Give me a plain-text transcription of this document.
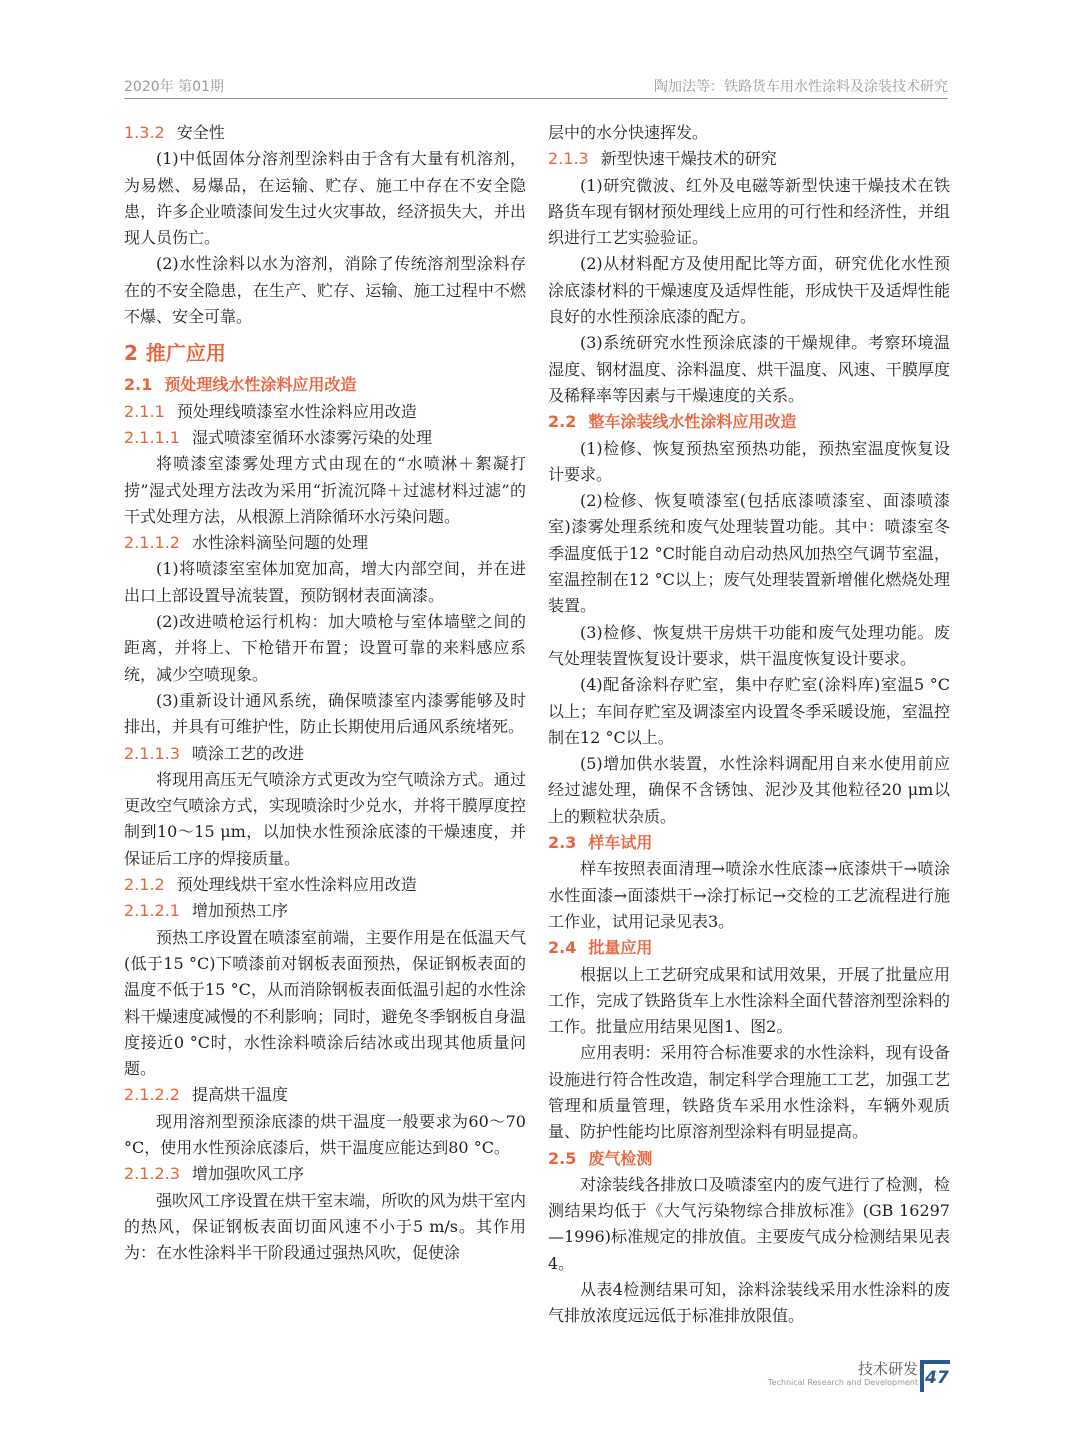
2020年 第01期	陶加法等：铁路货车用水性涂料及涂装技术研究
1.3.2 安全性

(1)中低固体分溶剂型涂料由于含有大量有机溶剂，为易燃、易爆品，在运输、贮存、施工中存在不安全隐患，许多企业喷漆间发生过火灾事故，经济损失大，并出现人员伤亡。

(2)水性涂料以水为溶剂，消除了传统溶剂型涂料存在的不安全隐患，在生产、贮存、运输、施工过程中不燃不爆、安全可靠。

2 推广应用
2.1 预处理线水性涂料应用改造
2.1.1 预处理线喷漆室水性涂料应用改造
2.1.1.1 湿式喷漆室循环水漆雾污染的处理

将喷漆室漆雾处理方式由现在的“水喷淋＋絮凝打捞”湿式处理方法改为采用“折流沉降＋过滤材料过滤”的干式处理方法，从根源上消除循环水污染问题。

2.1.1.2 水性涂料滴坠问题的处理

(1)将喷漆室室体加宽加高，增大内部空间，并在进出口上部设置导流装置，预防钢材表面滴漆。

(2)改进喷枪运行机构：加大喷枪与室体墙壁之间的距离，并将上、下枪错开布置；设置可靠的来料感应系统，减少空喷现象。

(3)重新设计通风系统，确保喷漆室内漆雾能够及时排出，并具有可维护性，防止长期使用后通风系统堵死。

2.1.1.3 喷涂工艺的改进

将现用高压无气喷涂方式更改为空气喷涂方式。通过更改空气喷涂方式，实现喷涂时少兑水，并将干膜厚度控制到10～15 μm，以加快水性预涂底漆的干燥速度，并保证后工序的焊接质量。

2.1.2 预处理线烘干室水性涂料应用改造
2.1.2.1 增加预热工序

预热工序设置在喷漆室前端，主要作用是在低温天气(低于15 °C)下喷漆前对钢板表面预热，保证钢板表面的温度不低于15 °C，从而消除钢板表面低温引起的水性涂料干燥速度减慢的不利影响；同时，避免冬季钢板自身温度接近0 °C时，水性涂料喷涂后结冰或出现其他质量问题。

2.1.2.2 提高烘干温度

现用溶剂型预涂底漆的烘干温度一般要求为60～70 °C，使用水性预涂底漆后，烘干温度应能达到80 °C。

2.1.2.3 增加强吹风工序

强吹风工序设置在烘干室末端，所吹的风为烘干室内的热风，保证钢板表面切面风速不小于5 m/s。其作用为：在水性涂料半干阶段通过强热风吹，促使涂

层中的水分快速挥发。

2.1.3 新型快速干燥技术的研究

(1)研究微波、红外及电磁等新型快速干燥技术在铁路货车现有钢材预处理线上应用的可行性和经济性，并组织进行工艺实验验证。

(2)从材料配方及使用配比等方面，研究优化水性预涂底漆材料的干燥速度及适焊性能，形成快干及适焊性能良好的水性预涂底漆的配方。

(3)系统研究水性预涂底漆的干燥规律。考察环境温湿度、钢材温度、涂料温度、烘干温度、风速、干膜厚度及稀释率等因素与干燥速度的关系。

2.2 整车涂装线水性涂料应用改造

(1)检修、恢复预热室预热功能，预热室温度恢复设计要求。

(2)检修、恢复喷漆室(包括底漆喷漆室、面漆喷漆室)漆雾处理系统和废气处理装置功能。其中：喷漆室冬季温度低于12 °C时能自动启动热风加热空气调节室温，室温控制在12 °C以上；废气处理装置新增催化燃烧处理装置。

(3)检修、恢复烘干房烘干功能和废气处理功能。废气处理装置恢复设计要求，烘干温度恢复设计要求。

(4)配备涂料存贮室，集中存贮室(涂料库)室温5 °C以上；车间存贮室及调漆室内设置冬季采暖设施，室温控制在12 °C以上。

(5)增加供水装置，水性涂料调配用自来水使用前应经过滤处理，确保不含锈蚀、泥沙及其他粒径20 μm以上的颗粒状杂质。

2.3 样车试用

样车按照表面清理→喷涂水性底漆→底漆烘干→喷涂水性面漆→面漆烘干→涂打标记→交检的工艺流程进行施工作业，试用记录见表3。

2.4 批量应用

根据以上工艺研究成果和试用效果，开展了批量应用工作，完成了铁路货车上水性涂料全面代替溶剂型涂料的工作。批量应用结果见图1、图2。

应用表明：采用符合标准要求的水性涂料，现有设备设施进行符合性改造，制定科学合理施工工艺，加强工艺管理和质量管理，铁路货车采用水性涂料，车辆外观质量、防护性能均比原溶剂型涂料有明显提高。

2.5 废气检测

对涂装线各排放口及喷漆室内的废气进行了检测，检测结果均低于《大气污染物综合排放标准》(GB 16297—1996)标准规定的排放值。主要废气成分检测结果见表4。

从表4检测结果可知，涂料涂装线采用水性涂料的废气排放浓度远远低于标准排放限值。

技术研发
Technical Research and Development 47
